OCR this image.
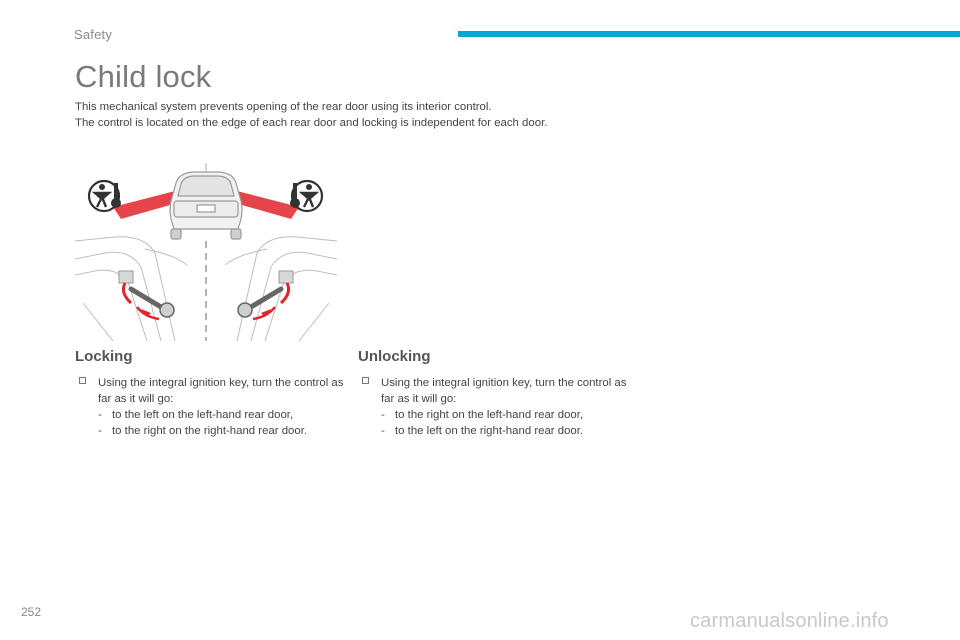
Safety
Child lock

This mechanical system prevents opening of the rear door using its interior control.

The control is located on the edge of each rear door and locking is independent for each door.

Locking
Using the integral ignition key, turn the control as far as it will go:
- to the left on the left-hand rear door,
- to the right on the right-hand rear door.
Unlocking
Using the integral ignition key, turn the control as far as it will go:
- to the right on the left-hand rear door,
- to the left on the right-hand rear door.
252	carmanualsonline.info
